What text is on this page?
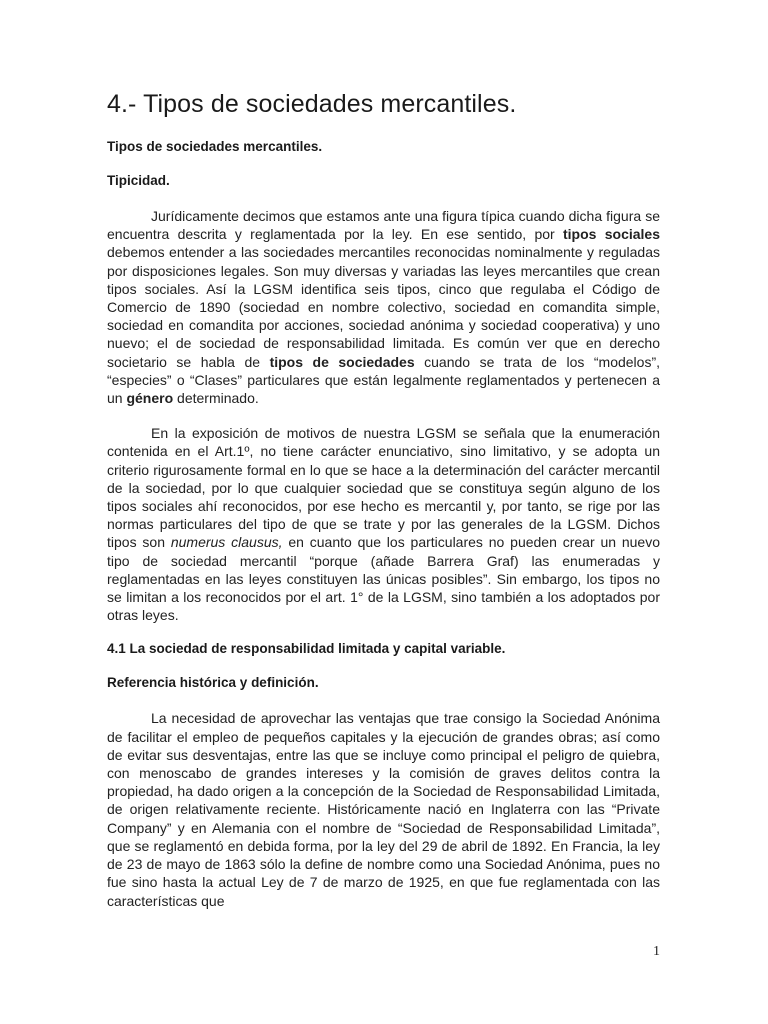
4.- Tipos de sociedades mercantiles.
Tipos de sociedades mercantiles.
Tipicidad.

Jurídicamente decimos que estamos ante una figura típica cuando dicha figura se encuentra descrita y reglamentada por la ley. En ese sentido, por tipos sociales debemos entender a las sociedades mercantiles reconocidas nominalmente y reguladas por disposiciones legales. Son muy diversas y variadas las leyes mercantiles que crean tipos sociales. Así la LGSM identifica seis tipos, cinco que regulaba el Código de Comercio de 1890 (sociedad en nombre colectivo, sociedad en comandita simple, sociedad en comandita por acciones, sociedad anónima y sociedad cooperativa) y uno nuevo; el de sociedad de responsabilidad limitada. Es común ver que en derecho societario se habla de tipos de sociedades cuando se trata de los “modelos”, “especies” o “Clases” particulares que están legalmente reglamentados y pertenecen a un género determinado.

En la exposición de motivos de nuestra LGSM se señala que la enumeración contenida en el Art.1º, no tiene carácter enunciativo, sino limitativo, y se adopta un criterio rigurosamente formal en lo que se hace a la determinación del carácter mercantil de la sociedad, por lo que cualquier sociedad que se constituya según alguno de los tipos sociales ahí reconocidos, por ese hecho es mercantil y, por tanto, se rige por las normas particulares del tipo de que se trate y por las generales de la LGSM. Dichos tipos son numerus clausus, en cuanto que los particulares no pueden crear un nuevo tipo de sociedad mercantil “porque (añade Barrera Graf) las enumeradas y reglamentadas en las leyes constituyen las únicas posibles”. Sin embargo, los tipos no se limitan a los reconocidos por el art. 1° de la LGSM, sino también a los adoptados por otras leyes.

4.1 La sociedad de responsabilidad limitada y capital variable.
Referencia histórica y definición.

La necesidad de aprovechar las ventajas que trae consigo la Sociedad Anónima de facilitar el empleo de pequeños capitales y la ejecución de grandes obras; así como de evitar sus desventajas, entre las que se incluye como principal el peligro de quiebra, con menoscabo de grandes intereses y la comisión de graves delitos contra la propiedad, ha dado origen a la concepción de la Sociedad de Responsabilidad Limitada, de origen relativamente reciente. Históricamente nació en Inglaterra con las “Private Company” y en Alemania con el nombre de “Sociedad de Responsabilidad Limitada”, que se reglamentó en debida forma, por la ley del 29 de abril de 1892. En Francia, la ley de 23 de mayo de 1863 sólo la define de nombre como una Sociedad Anónima, pues no fue sino hasta la actual Ley de 7 de marzo de 1925, en que fue reglamentada con las características que

1
